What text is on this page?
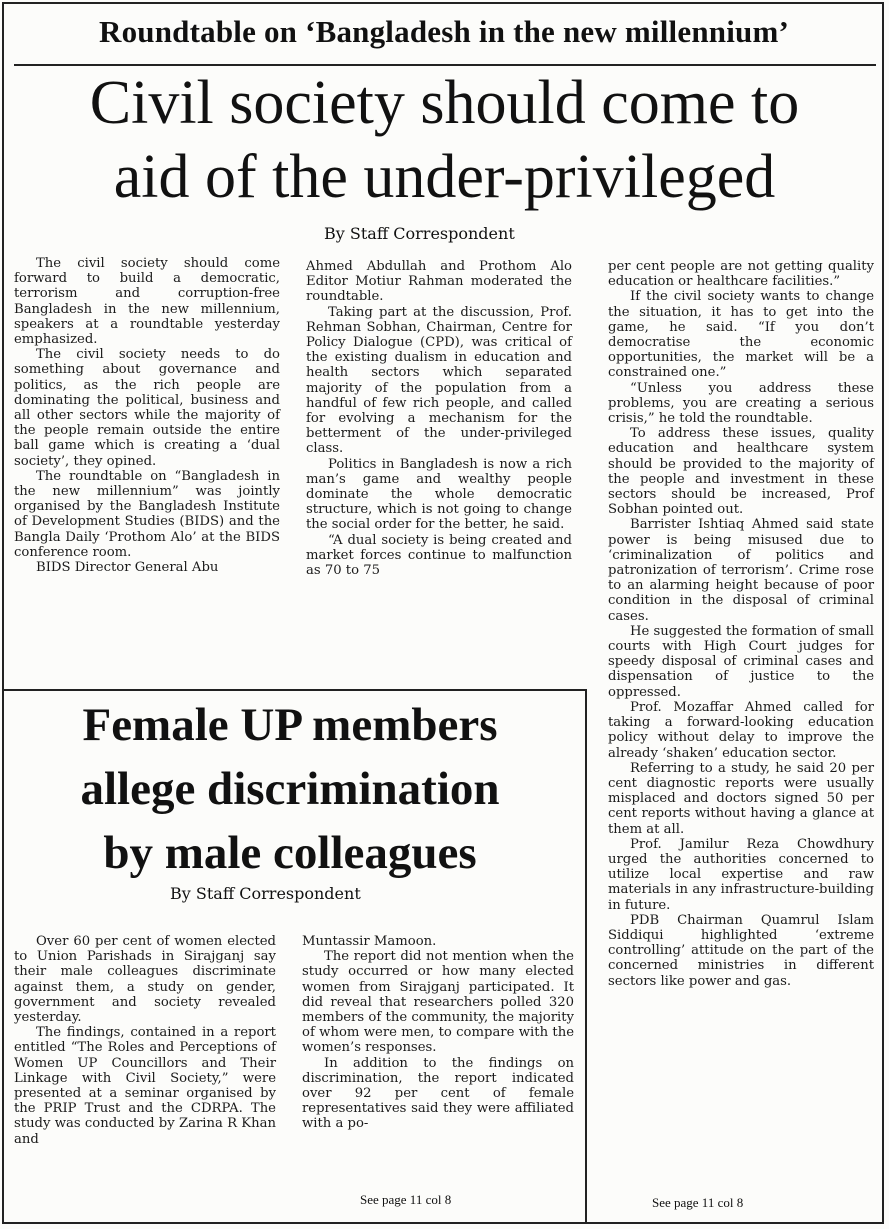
Roundtable on ‘Bangladesh in the new millennium’
Civil society should come to
aid of the under-privileged
By Staff Correspondent

The civil society should come forward to build a democratic, terrorism and corruption-free Bangladesh in the new millennium, speakers at a roundtable yesterday emphasized.

The civil society needs to do something about governance and politics, as the rich people are dominating the political, business and all other sectors while the majority of the people remain outside the entire ball game which is creating a ‘dual society’, they opined.

The roundtable on “Bangladesh in the new millennium” was jointly organised by the Bangladesh Institute of Development Studies (BIDS) and the Bangla Daily ‘Prothom Alo’ at the BIDS conference room.

BIDS Director General Abu

Ahmed Abdullah and Prothom Alo Editor Motiur Rahman moderated the roundtable.

Taking part at the discussion, Prof. Rehman Sobhan, Chairman, Centre for Policy Dialogue (CPD), was critical of the existing dualism in education and health sectors which separated majority of the population from a handful of few rich people, and called for evolving a mechanism for the betterment of the under-privileged class.

Politics in Bangladesh is now a rich man’s game and wealthy people dominate the whole democratic structure, which is not going to change the social order for the better, he said.

“A dual society is being created and market forces continue to malfunction as 70 to 75

per cent people are not getting quality education or healthcare facilities.”

If the civil society wants to change the situation, it has to get into the game, he said. “If you don’t democratise the economic opportunities, the market will be a constrained one.”

“Unless you address these problems, you are creating a serious crisis,” he told the roundtable.

To address these issues, quality education and healthcare system should be provided to the majority of the people and investment in these sectors should be increased, Prof Sobhan pointed out.

Barrister Ishtiaq Ahmed said state power is being misused due to ‘criminalization of politics and patronization of terrorism’. Crime rose to an alarming height because of poor condition in the disposal of criminal cases.

He suggested the formation of small courts with High Court judges for speedy disposal of criminal cases and dispensation of justice to the oppressed.

Prof. Mozaffar Ahmed called for taking a forward-looking education policy without delay to improve the already ‘shaken’ education sector.

Referring to a study, he said 20 per cent diagnostic reports were usually misplaced and doctors signed 50 per cent reports without having a glance at them at all.

Prof. Jamilur Reza Chowdhury urged the authorities concerned to utilize local expertise and raw materials in any infrastructure-building in future.

PDB Chairman Quamrul Islam Siddiqui highlighted ‘extreme controlling’ attitude on the part of the concerned ministries in different sectors like power and gas.

See page 11 col 8
Female UP members
allege discrimination
by male colleagues
By Staff Correspondent

Over 60 per cent of women elected to Union Parishads in Sirajganj say their male colleagues discriminate against them, a study on gender, government and society revealed yesterday.

The findings, contained in a report entitled “The Roles and Perceptions of Women UP Councillors and Their Linkage with Civil Society,” were presented at a seminar organised by the PRIP Trust and the CDRPA. The study was conducted by Zarina R Khan and

Muntassir Mamoon.

The report did not mention when the study occurred or how many elected women from Sirajganj participated. It did reveal that researchers polled 320 members of the community, the majority of whom were men, to compare with the women’s responses.

In addition to the findings on discrimination, the report indicated over 92 per cent of female representatives said they were affiliated with a po-

See page 11 col 8
